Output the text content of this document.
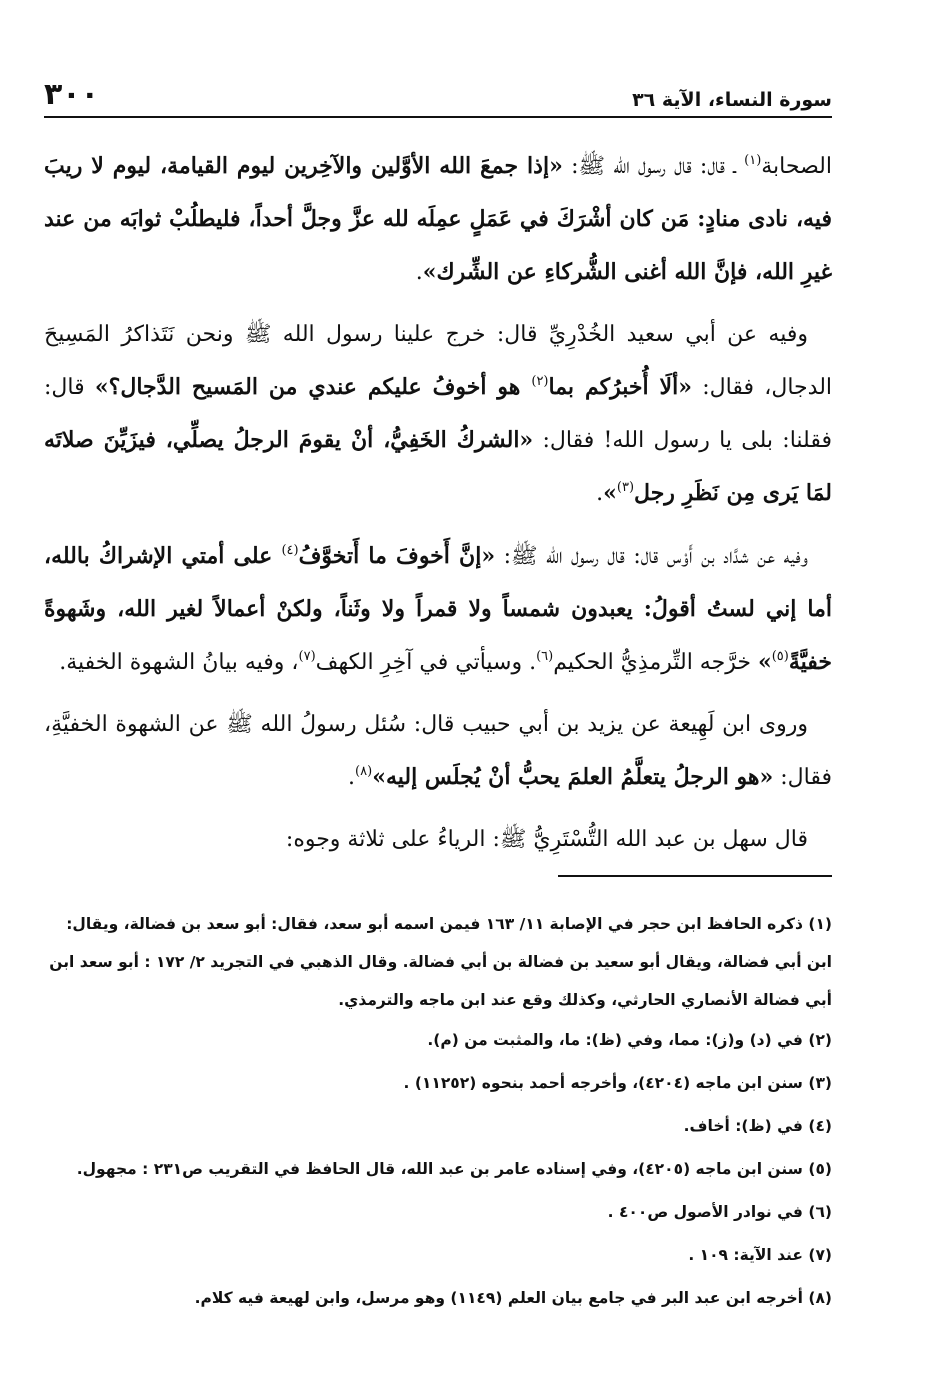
سورة النساء، الآية ٣٦
٣٠٠

الصحابة$^{(١)}$ ـ قال: قال رسول الله ﷺ: «إذا جمعَ الله الأوَّلين والآخِرين ليوم القيامة، ليوم لا ريبَ فيه، نادى منادٍ: مَن كان أشْرَكَ في عَمَلٍ عمِلَه لله عزَّ وجلَّ أحداً، فليطلُبْ ثوابَه من عند غيرِ الله، فإنَّ الله أغنى الشُّركاءِ عن الشِّرك».

وفيه عن أبي سعيد الخُدْرِيِّ قال: خرج علينا رسول الله ﷺ ونحن نَتَذاكرُ المَسِيحَ الدجال، فقال: «ألَا أُخبرُكم بما$^{(٢)}$ هو أخوفُ عليكم عندي من المَسيح الدَّجال؟» قال: فقلنا: بلى يا رسول الله! فقال: «الشركُ الخَفِيُّ، أنْ يقومَ الرجلُ يصلِّي، فيزَيِّنَ صلاتَه لمَا يَرى مِن نَظَرِ رجل$^{(٣)}$».

وفيه عن شدَّاد بن أَوْس قال: قال رسول الله ﷺ: «إنَّ أَخوفَ ما أَتخوَّفُ$^{(٤)}$ على أمتي الإشراكُ بالله، أما إني لستُ أقولُ: يعبدون شمساً ولا قمراً ولا وثَناً، ولكنْ أعمالاً لغير الله، وشَهوةً خفيَّةً$^{(٥)}$» خرَّجه التِّرمذِيُّ الحكيم$^{(٦)}$. وسيأتي في آخِرِ الكهف$^{(٧)}$، وفيه بيانُ الشهوة الخفية.

وروى ابن لَهِيعة عن يزيد بن أبي حبيب قال: سُئل رسولُ الله ﷺ عن الشهوة الخفيَّةِ، فقال: «هو الرجلُ يتعلَّمُ العلمَ يحبُّ أنْ يُجلَس إليه»$^{(٨)}$.

قال سهل بن عبد الله التُّسْتَرِيُّ ﷺ: الرياءُ على ثلاثة وجوه:

(١) ذكره الحافظ ابن حجر في الإصابة ١١/ ١٦٣ فيمن اسمه أبو سعد، فقال: أبو سعد بن فضالة، ويقال: ابن أبي فضالة، ويقال أبو سعيد بن فضالة بن أبي فضالة. وقال الذهبي في التجريد ٢/ ١٧٢ : أبو سعد ابن أبي فضالة الأنصاري الحارثي، وكذلك وقع عند ابن ماجه والترمذي.

(٢) في (د) و(ز): مما، وفي (ظ): ما، والمثبت من (م).

(٣) سنن ابن ماجه (٤٢٠٤)، وأخرجه أحمد بنحوه (١١٢٥٢) .

(٤) في (ظ): أخاف.

(٥) سنن ابن ماجه (٤٢٠٥)، وفي إسناده عامر بن عبد الله، قال الحافظ في التقريب ص٢٣١ : مجهول.

(٦) في نوادر الأصول ص٤٠٠ .

(٧) عند الآية: ١٠٩ .

(٨) أخرجه ابن عبد البر في جامع بيان العلم (١١٤٩) وهو مرسل، وابن لهيعة فيه كلام.
